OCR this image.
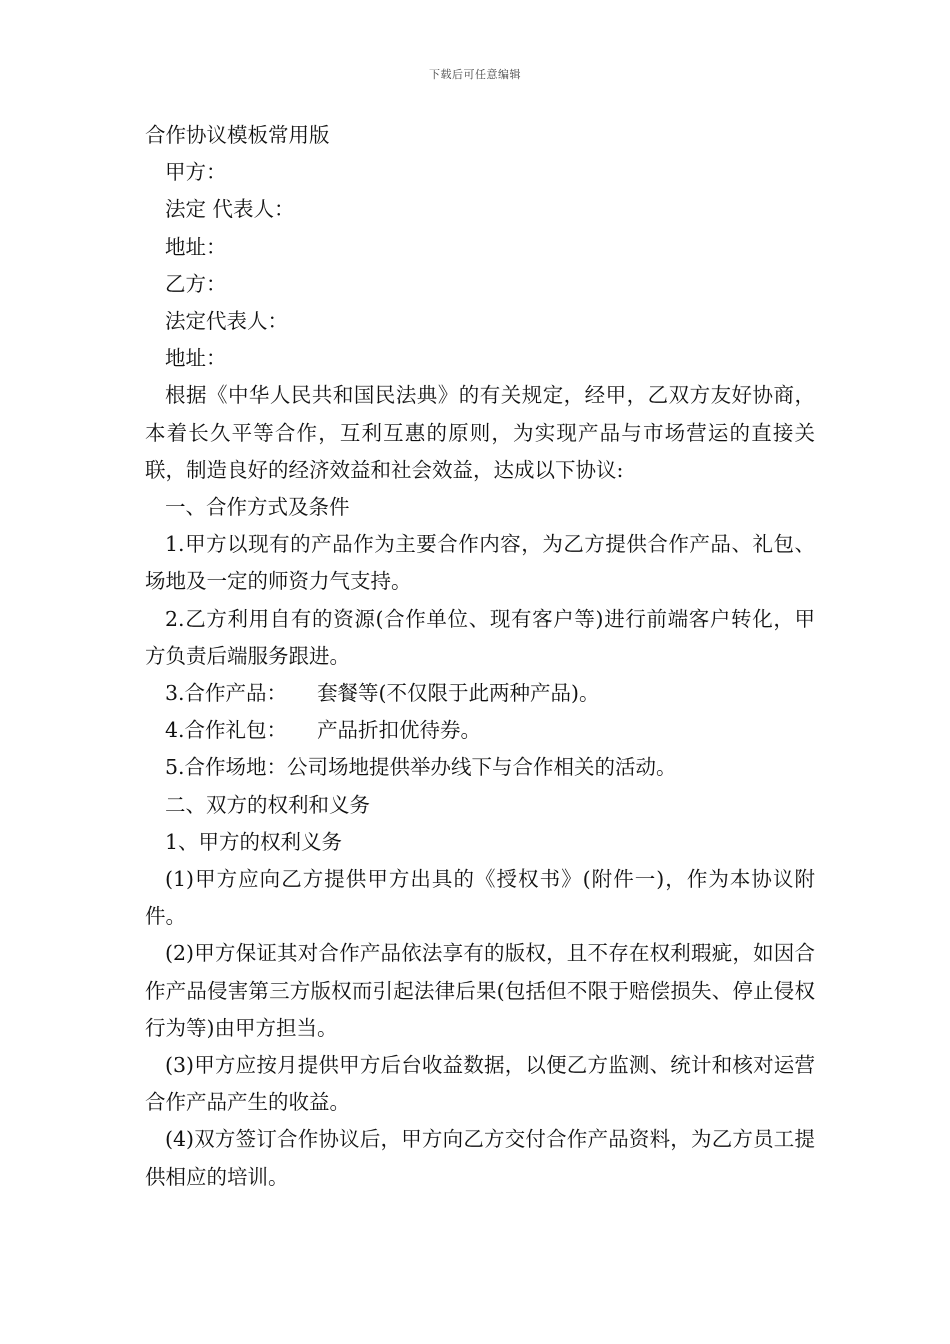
下载后可任意编辑
合作协议模板常用版
甲方：
法定 代表人：
地址：
乙方：
法定代表人：
地址：
根据《中华人民共和国民法典》的有关规定，经甲，乙双方友好协商，本着长久平等合作，互利互惠的原则，为实现产品与市场营运的直接关联，制造良好的经济效益和社会效益，达成以下协议:
一、合作方式及条件
1.甲方以现有的产品作为主要合作内容，为乙方提供合作产品、礼包、场地及一定的师资力气支持。
2.乙方利用自有的资源(合作单位、现有客户等)进行前端客户转化，甲方负责后端服务跟进。
3.合作产品： 套餐等(不仅限于此两种产品)。
4.合作礼包： 产品折扣优待券。
5.合作场地：公司场地提供举办线下与合作相关的活动。
二、双方的权利和义务
1、甲方的权利义务
(1)甲方应向乙方提供甲方出具的《授权书》(附件一)，作为本协议附件。
(2)甲方保证其对合作产品依法享有的版权，且不存在权利瑕疵，如因合作产品侵害第三方版权而引起法律后果(包括但不限于赔偿损失、停止侵权行为等)由甲方担当。
(3)甲方应按月提供甲方后台收益数据，以便乙方监测、统计和核对运营合作产品产生的收益。
(4)双方签订合作协议后，甲方向乙方交付合作产品资料，为乙方员工提供相应的培训。
